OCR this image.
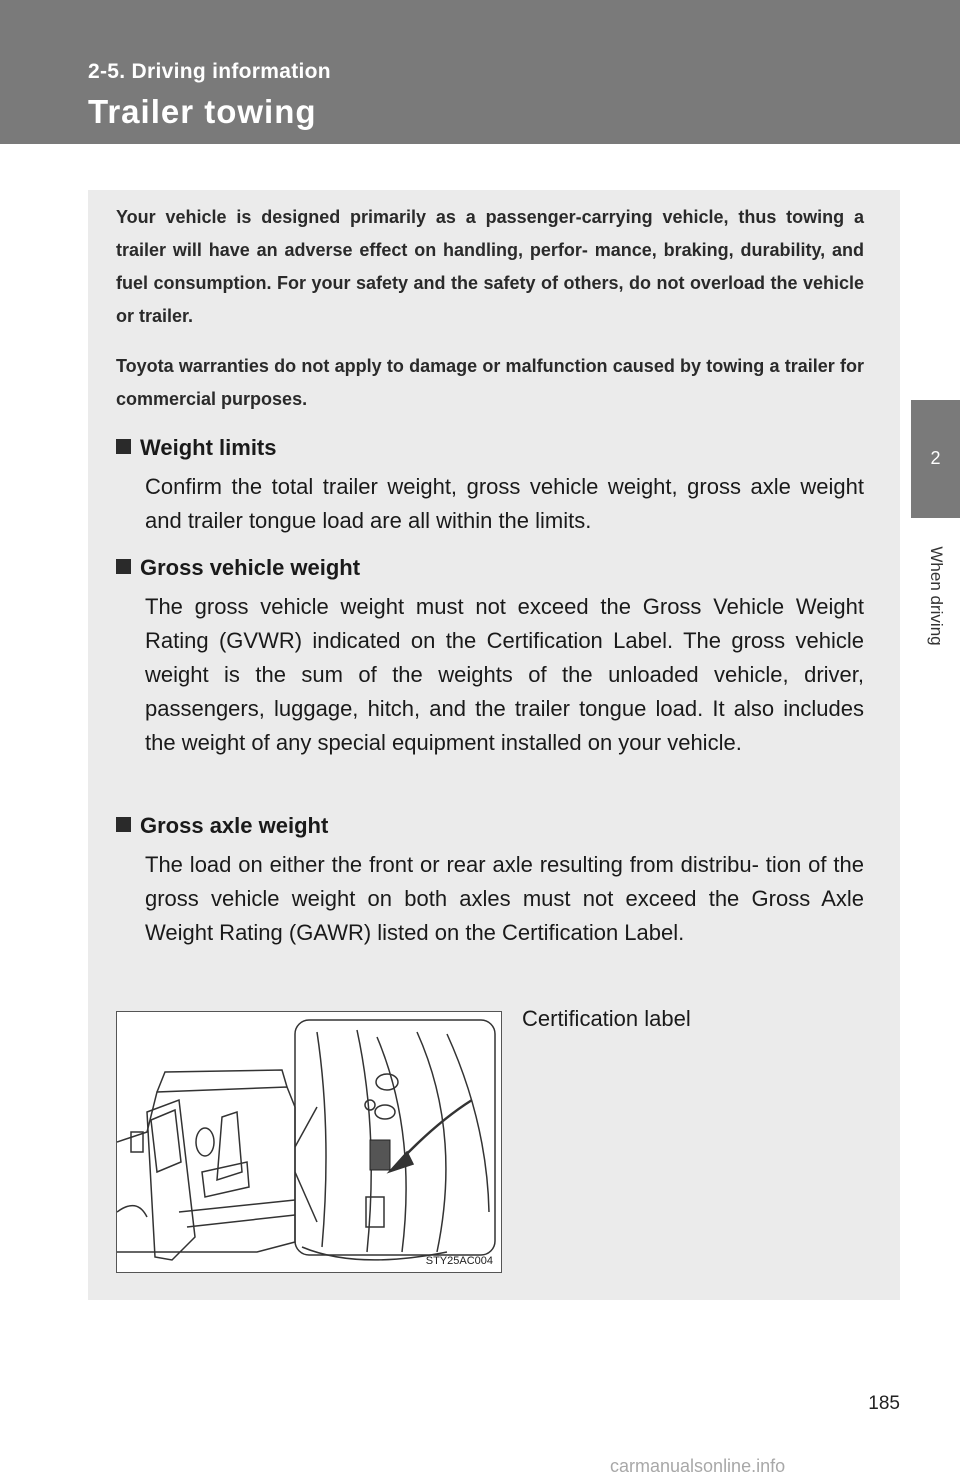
2-5. Driving information
Trailer towing
2
When driving
Your vehicle is designed primarily as a passenger-carrying vehicle, thus towing a trailer will have an adverse effect on handling, perfor- mance, braking, durability, and fuel consumption. For your safety and the safety of others, do not overload the vehicle or trailer.
Toyota warranties do not apply to damage or malfunction caused by towing a trailer for commercial purposes.
Weight limits
Confirm the total trailer weight, gross vehicle weight, gross axle weight and trailer tongue load are all within the limits.
Gross vehicle weight
The gross vehicle weight must not exceed the Gross Vehicle Weight Rating (GVWR) indicated on the Certification Label. The gross vehicle weight is the sum of the weights of the unloaded vehicle, driver, passengers, luggage, hitch, and the trailer tongue load. It also includes the weight of any special equipment installed on your vehicle.
Gross axle weight
The load on either the front or rear axle resulting from distribu- tion of the gross vehicle weight on both axles must not exceed the Gross Axle Weight Rating (GAWR) listed on the Certification Label.
STY25AC004
Certification label
185
carmanualsonline.info
